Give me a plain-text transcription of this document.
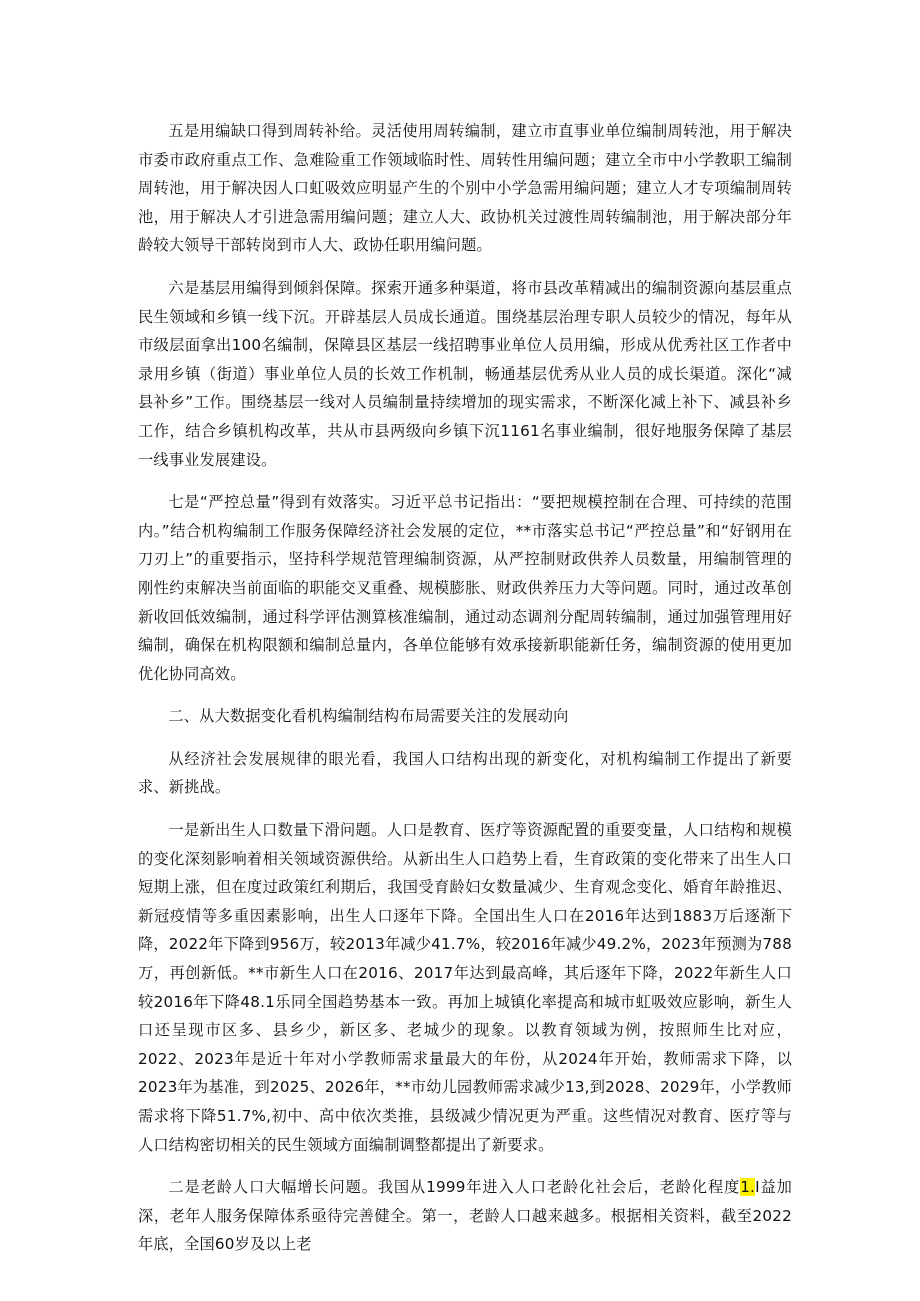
五是用编缺口得到周转补给。灵活使用周转编制，建立市直事业单位编制周转池，用于解决市委市政府重点工作、急难险重工作领域临时性、周转性用编问题；建立全市中小学教职工编制周转池，用于解决因人口虹吸效应明显产生的个别中小学急需用编问题；建立人才专项编制周转池，用于解决人才引进急需用编问题；建立人大、政协机关过渡性周转编制池，用于解决部分年龄较大领导干部转岗到市人大、政协任职用编问题。

六是基层用编得到倾斜保障。探索开通多种渠道，将市县改革精减出的编制资源向基层重点民生领域和乡镇一线下沉。开辟基层人员成长通道。围绕基层治理专职人员较少的情况，每年从市级层面拿出100名编制，保障县区基层一线招聘事业单位人员用编，形成从优秀社区工作者中录用乡镇（街道）事业单位人员的长效工作机制，畅通基层优秀从业人员的成长渠道。深化“减县补乡”工作。围绕基层一线对人员编制量持续增加的现实需求，不断深化减上补下、减县补乡工作，结合乡镇机构改革，共从市县两级向乡镇下沉1161名事业编制，很好地服务保障了基层一线事业发展建设。

七是“严控总量”得到有效落实。习近平总书记指出：“要把规模控制在合理、可持续的范围内。”结合机构编制工作服务保障经济社会发展的定位，**市落实总书记“严控总量”和“好钢用在刀刃上”的重要指示，坚持科学规范管理编制资源，从严控制财政供养人员数量，用编制管理的刚性约束解决当前面临的职能交叉重叠、规模膨胀、财政供养压力大等问题。同时，通过改革创新收回低效编制，通过科学评估测算核准编制，通过动态调剂分配周转编制，通过加强管理用好编制，确保在机构限额和编制总量内，各单位能够有效承接新职能新任务，编制资源的使用更加优化协同高效。

二、从大数据变化看机构编制结构布局需要关注的发展动向

从经济社会发展规律的眼光看，我国人口结构出现的新变化，对机构编制工作提出了新要求、新挑战。

一是新出生人口数量下滑问题。人口是教育、医疗等资源配置的重要变量，人口结构和规模的变化深刻影响着相关领域资源供给。从新出生人口趋势上看，生育政策的变化带来了出生人口短期上涨，但在度过政策红利期后，我国受育龄妇女数量减少、生育观念变化、婚育年龄推迟、新冠疫情等多重因素影响，出生人口逐年下降。全国出生人口在2016年达到1883万后逐渐下降，2022年下降到956万，较2013年减少41.7%，较2016年减少49.2%，2023年预测为788万，再创新低。**市新生人口在2016、2017年达到最高峰，其后逐年下降，2022年新生人口较2016年下降48.1乐同全国趋势基本一致。再加上城镇化率提高和城市虹吸效应影响，新生人口还呈现市区多、县乡少，新区多、老城少的现象。以教育领域为例，按照师生比对应，2022、2023年是近十年对小学教师需求量最大的年份，从2024年开始，教师需求下降，以2023年为基准，到2025、2026年，**市幼儿园教师需求减少13,到2028、2029年，小学教师需求将下降51.7%,初中、高中依次类推，县级减少情况更为严重。这些情况对教育、医疗等与人口结构密切相关的民生领域方面编制调整都提出了新要求。

二是老龄人口大幅增长问题。我国从1999年进入人口老龄化社会后，老龄化程度1.I益加深，老年人服务保障体系亟待完善健全。第一，老龄人口越来越多。根据相关资料，截至2022年底，全国60岁及以上老
